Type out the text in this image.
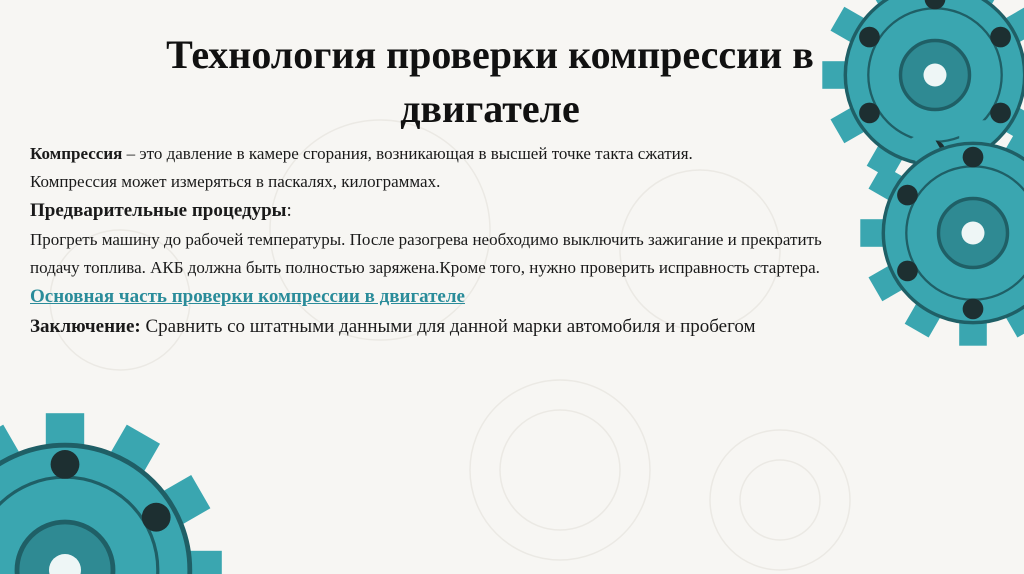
Технология проверки компрессии в двигателе

Компрессия – это давление в камере сгорания, возникающая в высшей точке такта сжатия.

Компрессия может измеряться в паскалях, килограммах.

Предварительные процедуры:

Прогреть машину до рабочей температуры. После разогрева необходимо выключить зажигание и прекратить подачу топлива. АКБ должна быть полностью заряжена.Кроме того, нужно проверить исправность стартера.

Основная часть проверки компрессии в двигателе

Заключение: Сравнить со штатными данными для данной марки автомобиля и пробегом
